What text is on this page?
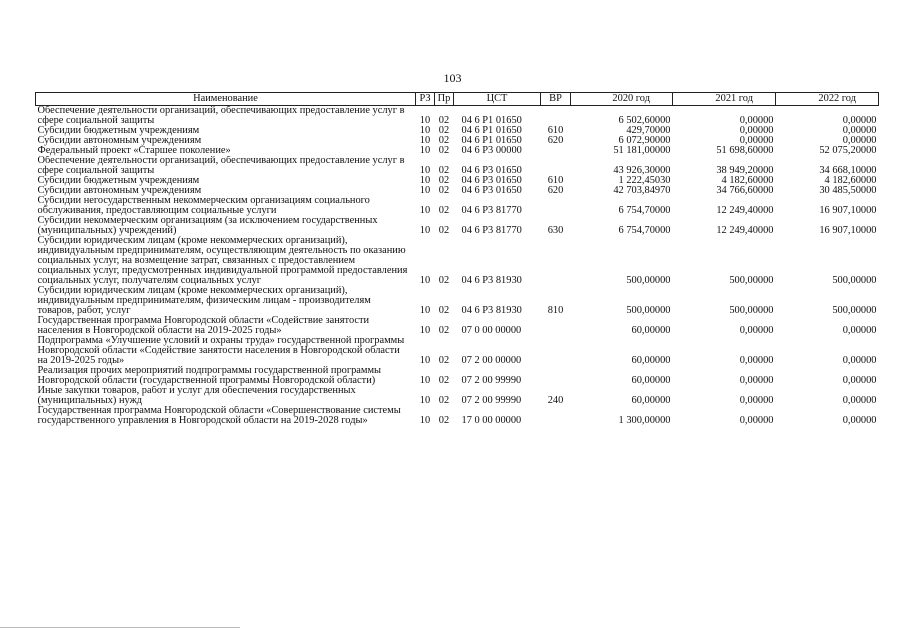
103
Наименование	РЗ	Пр	ЦСТ	ВР	2020 год	2021 год	2022 год
Обеспечение деятельности организаций, обеспечивающих предоставление услуг в сфере социальной защиты	10	02	04 6 Р1 01650		6 502,60000	0,00000	0,00000
Субсидии бюджетным учреждениям	10	02	04 6 Р1 01650	610	429,70000	0,00000	0,00000
Субсидии автономным учреждениям	10	02	04 6 Р1 01650	620	6 072,90000	0,00000	0,00000
Федеральный проект «Старшее поколение»	10	02	04 6 Р3 00000		51 181,00000	51 698,60000	52 075,20000
Обеспечение деятельности организаций, обеспечивающих предоставление услуг в сфере социальной защиты	10	02	04 6 Р3 01650		43 926,30000	38 949,20000	34 668,10000
Субсидии бюджетным учреждениям	10	02	04 6 Р3 01650	610	1 222,45030	4 182,60000	4 182,60000
Субсидии автономным учреждениям	10	02	04 6 Р3 01650	620	42 703,84970	34 766,60000	30 485,50000
Субсидии негосударственным некоммерческим организациям социального обслуживания, предоставляющим социальные услуги	10	02	04 6 Р3 81770		6 754,70000	12 249,40000	16 907,10000
Субсидии некоммерческим организациям (за исключением государственных (муниципальных) учреждений)	10	02	04 6 Р3 81770	630	6 754,70000	12 249,40000	16 907,10000
Субсидии юридическим лицам (кроме некоммерческих организаций), индивидуальным предпринимателям, осуществляющим деятельность по оказанию социальных услуг, на возмещение затрат, связанных с предоставлением социальных услуг, предусмотренных индивидуальной программой предоставления социальных услуг, получателям социальных услуг	10	02	04 6 Р3 81930		500,00000	500,00000	500,00000
Субсидии юридическим лицам (кроме некоммерческих организаций), индивидуальным предпринимателям, физическим лицам - производителям товаров, работ, услуг	10	02	04 6 Р3 81930	810	500,00000	500,00000	500,00000
Государственная программа Новгородской области «Содействие занятости населения в Новгородской области на 2019-2025 годы»	10	02	07 0 00 00000		60,00000	0,00000	0,00000
Подпрограмма «Улучшение условий и охраны труда» государственной программы Новгородской области «Содействие занятости населения в Новгородской области на 2019-2025 годы»	10	02	07 2 00 00000		60,00000	0,00000	0,00000
Реализация прочих мероприятий подпрограммы государственной программы Новгородской области (государственной программы Новгородской области)	10	02	07 2 00 99990		60,00000	0,00000	0,00000
Иные закупки товаров, работ и услуг для обеспечения государственных (муниципальных) нужд	10	02	07 2 00 99990	240	60,00000	0,00000	0,00000
Государственная программа Новгородской области «Совершенствование системы государственного управления в Новгородской области на 2019-2028 годы»	10	02	17 0 00 00000		1 300,00000	0,00000	0,00000
